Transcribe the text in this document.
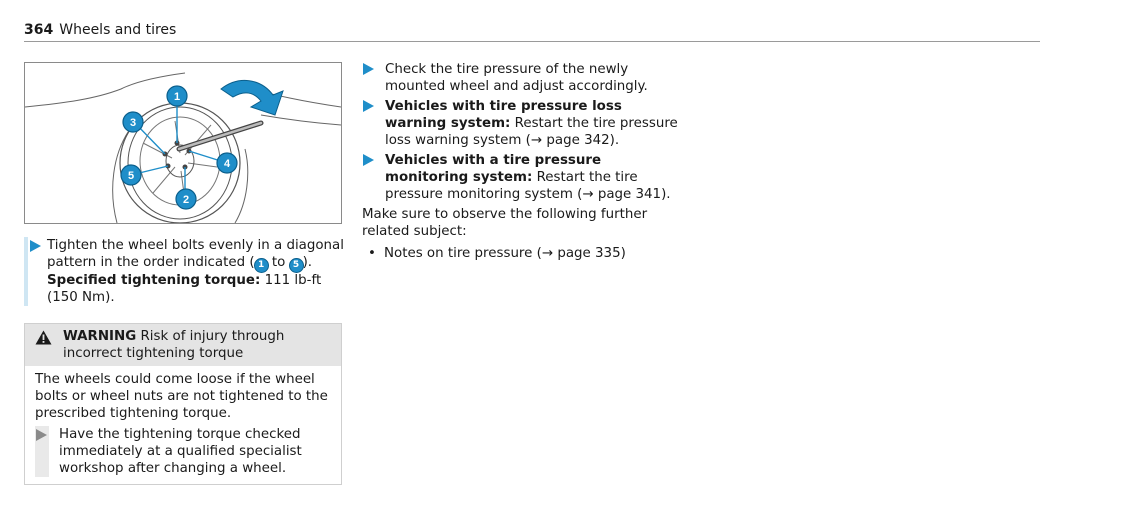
364 Wheels and tires
1
3
4
5
2
Tighten the wheel bolts evenly in a diagonal pattern in the order indicated ( 1 to 5 ).
Specified tightening torque: 111 lb-ft (150 Nm).
WARNING Risk of injury through incorrect tightening torque
The wheels could come loose if the wheel bolts or wheel nuts are not tightened to the prescribed tightening torque.
Have the tightening torque checked immediately at a qualified specialist workshop after changing a wheel.
Check the tire pressure of the newly mounted wheel and adjust accordingly.
Vehicles with tire pressure loss warning system: Restart the tire pressure loss warning system (→ page 342).
Vehicles with a tire pressure monitoring system: Restart the tire pressure monitoring system (→ page 341).
Make sure to observe the following further related subject:
• Notes on tire pressure (→ page 335)
